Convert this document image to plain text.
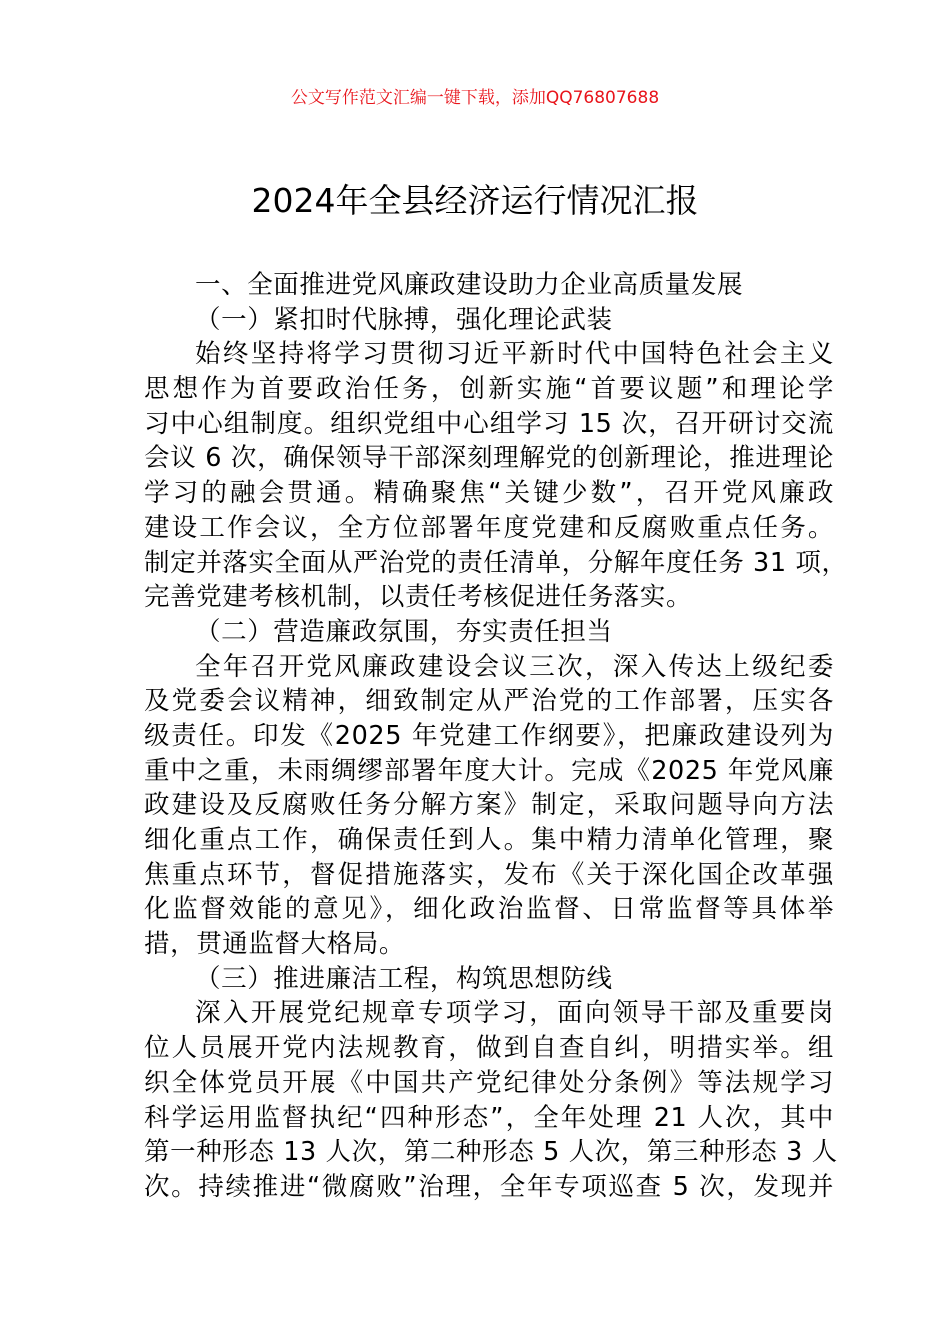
公文写作范文汇编一键下载，添加QQ76807688
2024年全县经济运行情况汇报
一、全面推进党风廉政建设助力企业高质量发展
（一）紧扣时代脉搏，强化理论武装
始终坚持将学习贯彻习近平新时代中国特色社会主义
思想作为首要政治任务，创新实施“首要议题”和理论学
习中心组制度。组织党组中心组学习 15 次，召开研讨交流
会议 6 次，确保领导干部深刻理解党的创新理论，推进理论
学习的融会贯通。精确聚焦“关键少数”，召开党风廉政
建设工作会议，全方位部署年度党建和反腐败重点任务。
制定并落实全面从严治党的责任清单，分解年度任务 31 项，
完善党建考核机制，以责任考核促进任务落实。
（二）营造廉政氛围，夯实责任担当
全年召开党风廉政建设会议三次，深入传达上级纪委
及党委会议精神，细致制定从严治党的工作部署，压实各
级责任。印发《2025 年党建工作纲要》，把廉政建设列为
重中之重，未雨绸缪部署年度大计。完成《2025 年党风廉
政建设及反腐败任务分解方案》制定，采取问题导向方法
细化重点工作，确保责任到人。集中精力清单化管理，聚
焦重点环节，督促措施落实，发布《关于深化国企改革强
化监督效能的意见》，细化政治监督、日常监督等具体举
措，贯通监督大格局。
（三）推进廉洁工程，构筑思想防线
深入开展党纪规章专项学习，面向领导干部及重要岗
位人员展开党内法规教育，做到自查自纠，明措实举。组
织全体党员开展《中国共产党纪律处分条例》等法规学习
科学运用监督执纪“四种形态”，全年处理 21 人次，其中
第一种形态 13 人次，第二种形态 5 人次，第三种形态 3 人
次。持续推进“微腐败”治理，全年专项巡查 5 次，发现并
